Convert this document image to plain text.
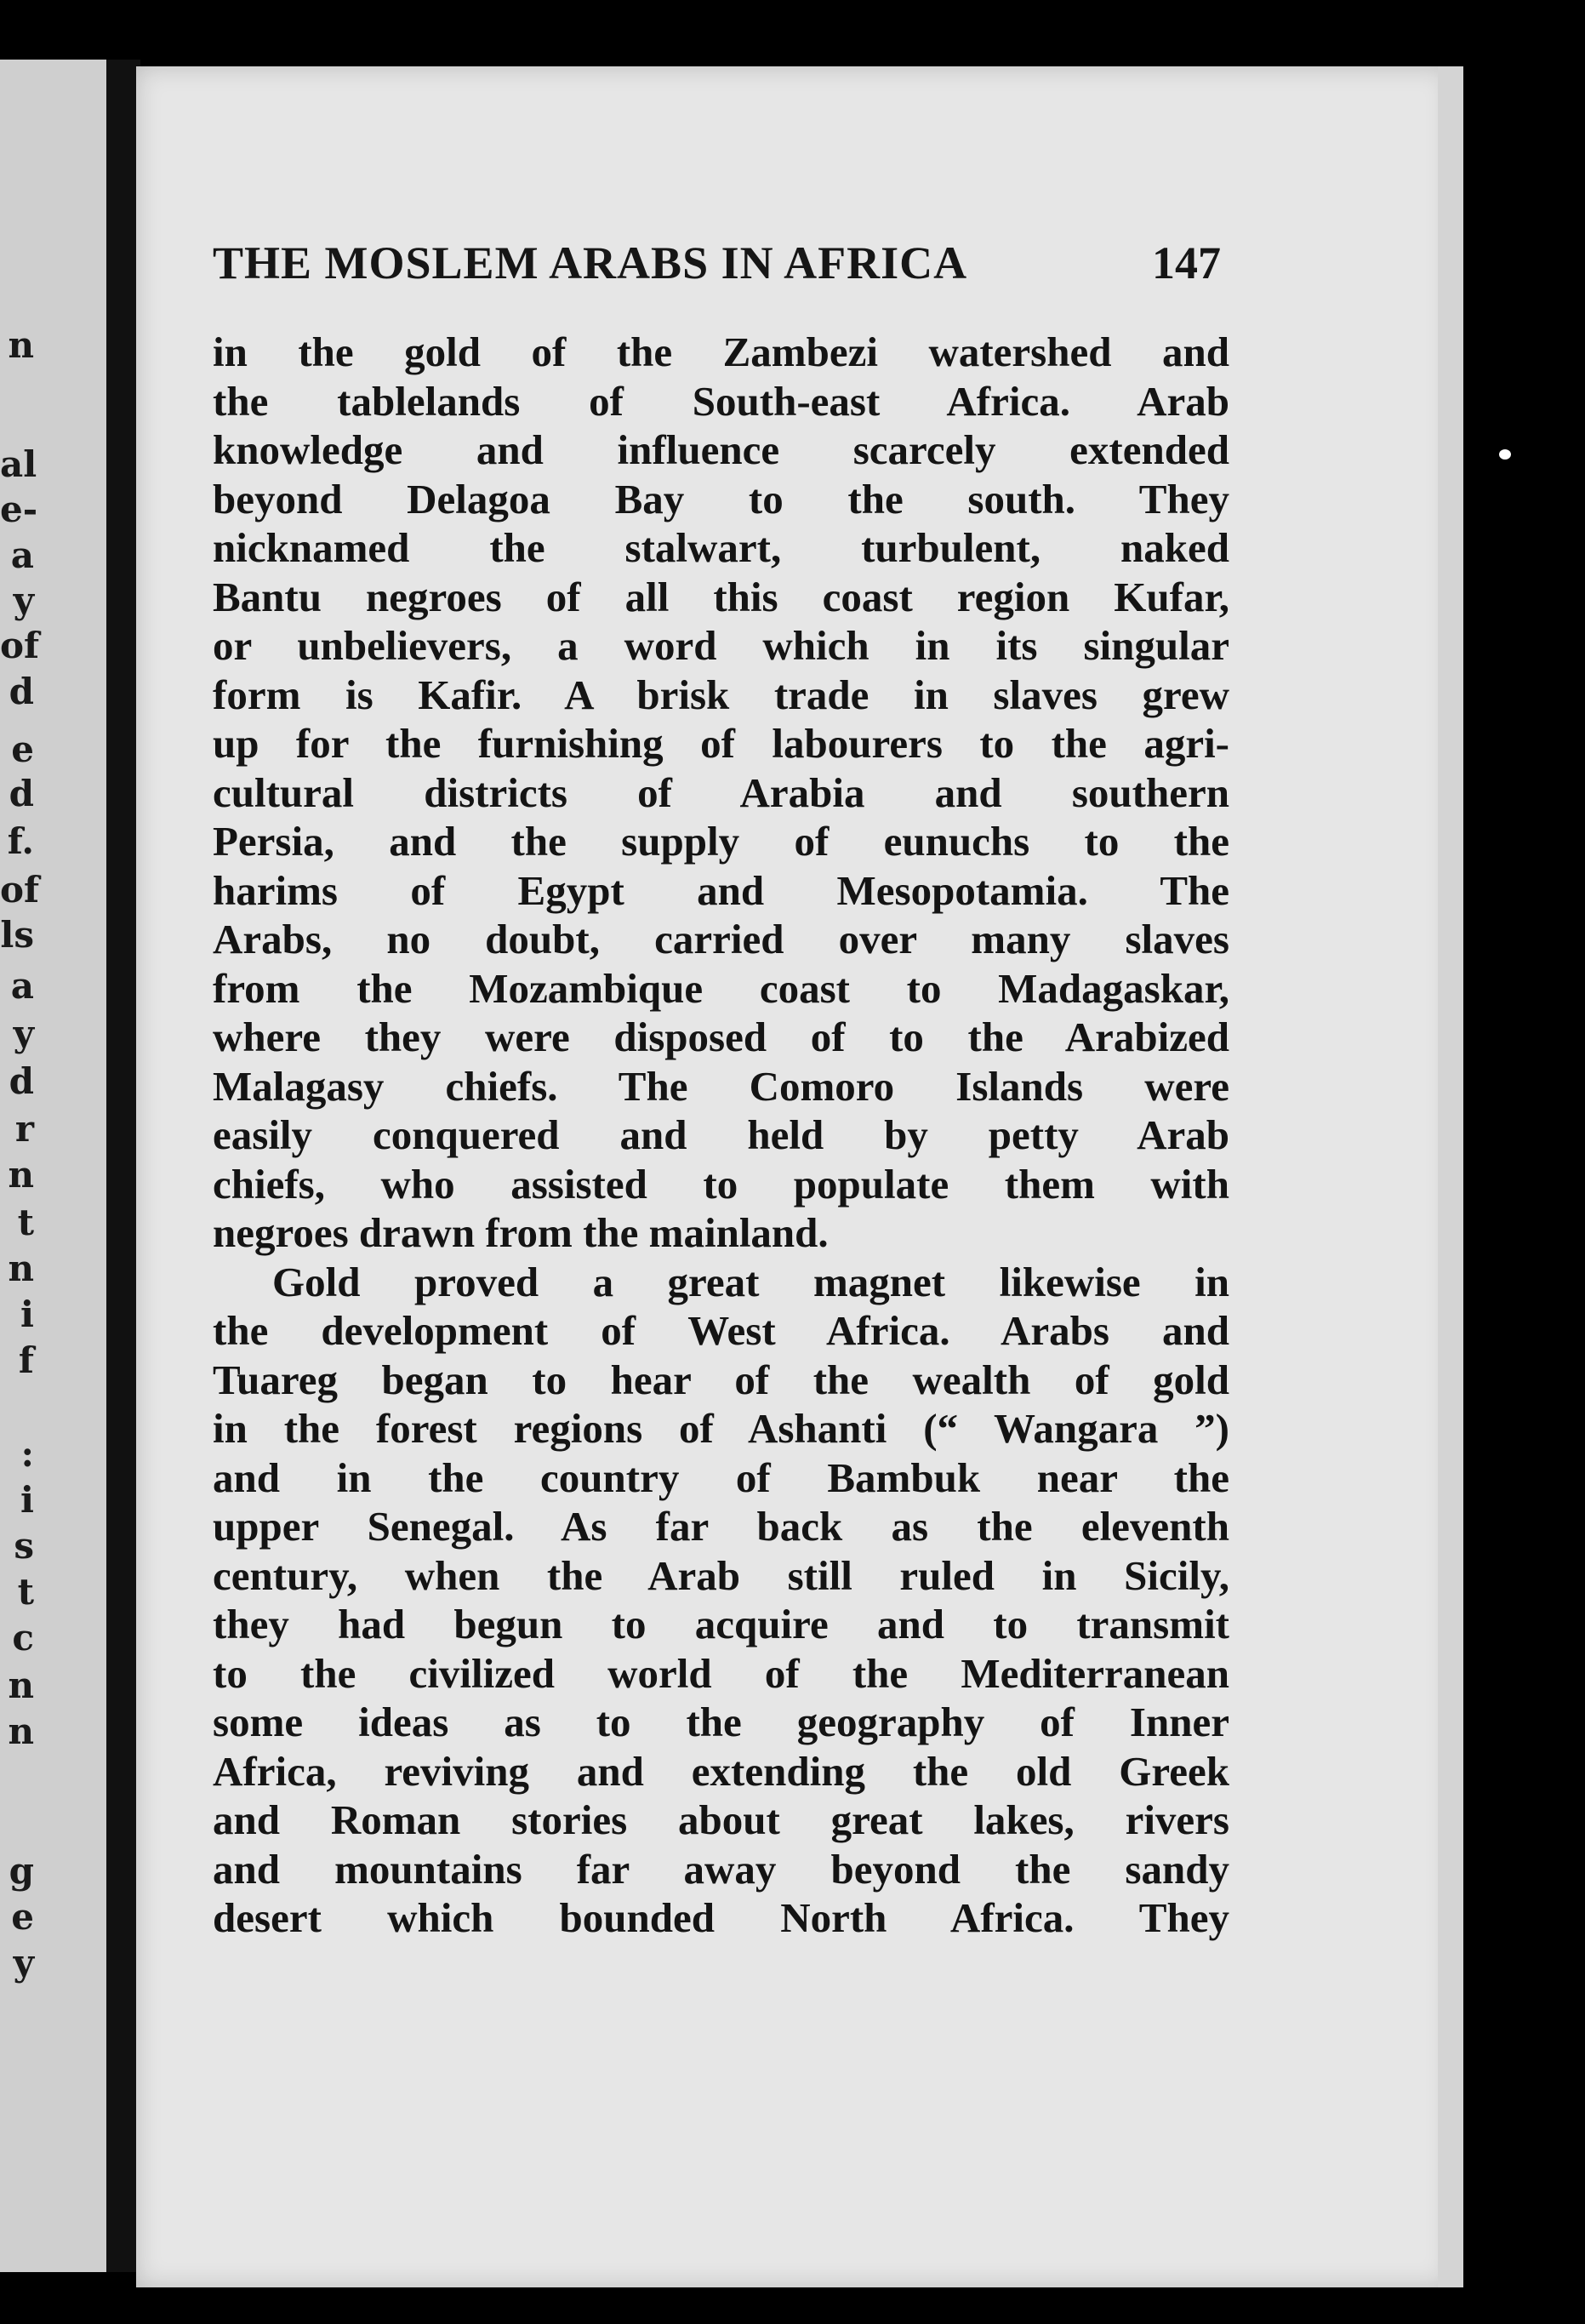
n
al
e-
a
y
of
d
e
d
f.
of
ls
a
y
d
r
n
t
n
i
f
:
i
s
t
c
n
n
g
e
y
THE MOSLEM ARABS IN AFRICA	147
in the gold of the Zambezi watershed and
the tablelands of South-east Africa. Arab
knowledge and influence scarcely extended
beyond Delagoa Bay to the south. They
nicknamed the stalwart, turbulent, naked
Bantu negroes of all this coast region Kufar,
or unbelievers, a word which in its singular
form is Kafir. A brisk trade in slaves grew
up for the furnishing of labourers to the agri-
cultural districts of Arabia and southern
Persia, and the supply of eunuchs to the
harims of Egypt and Mesopotamia. The
Arabs, no doubt, carried over many slaves
from the Mozambique coast to Madagaskar,
where they were disposed of to the Arabized
Malagasy chiefs. The Comoro Islands were
easily conquered and held by petty Arab
chiefs, who assisted to populate them with
negroes drawn from the mainland.
Gold proved a great magnet likewise in
the development of West Africa. Arabs and
Tuareg began to hear of the wealth of gold
in the forest regions of Ashanti (“ Wangara ”)
and in the country of Bambuk near the
upper Senegal. As far back as the eleventh
century, when the Arab still ruled in Sicily,
they had begun to acquire and to transmit
to the civilized world of the Mediterranean
some ideas as to the geography of Inner
Africa, reviving and extending the old Greek
and Roman stories about great lakes, rivers
and mountains far away beyond the sandy
desert which bounded North Africa. They
